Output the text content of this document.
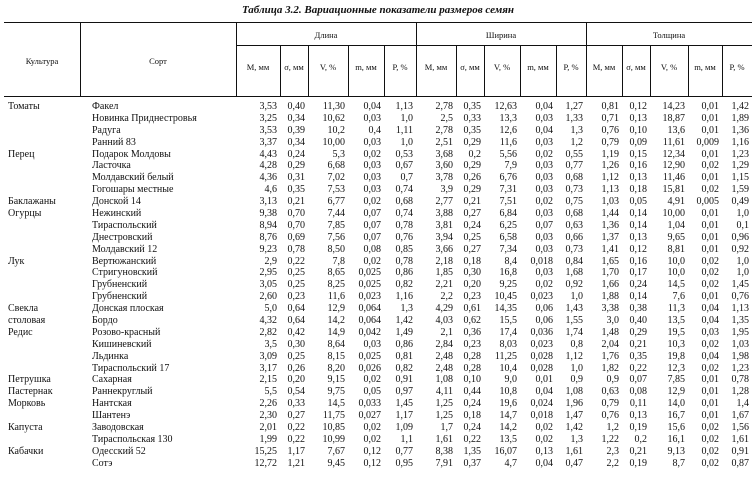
Таблица 3.2. Вариационные показатели размеров семян
Культура	Сорт
Длина	Ширина	Толщина
M, мм	σ, мм	V, %	m, мм	P, %	M, мм	σ, мм	V, %	m, мм	P, %	M, мм	σ, мм	V, %	m, мм	P, %
Томаты	Факел	3,53	0,40	11,30	0,04	1,13	2,78	0,35	12,63	0,04	1,27	0,81	0,12	14,23	0,01	1,42
Новинка Приднестровья	3,25	0,34	10,62	0,03	1,0	2,5	0,33	13,3	0,03	1,33	0,71	0,13	18,87	0,01	1,89
Радуга	3,53	0,39	10,2	0,4	1,11	2,78	0,35	12,6	0,04	1,3	0,76	0,10	13,6	0,01	1,36
Ранний 83	3,37	0,34	10,00	0,03	1,0	2,51	0,29	11,6	0,03	1,2	0,79	0,09	11,61	0,009	1,16
Перец	Подарок Молдовы	4,43	0,24	5,3	0,02	0,53	3,68	0,2	5,56	0,02	0,55	1,19	0,15	12,34	0,01	1,23
Ласточка	4,28	0,29	6,68	0,03	0,67	3,60	0,29	7,9	0,03	0,77	1,26	0,16	12,90	0,02	1,29
Молдавский белый	4,36	0,31	7,02	0,03	0,7	3,78	0,26	6,76	0,03	0,68	1,12	0,13	11,46	0,01	1,15
Гогошары местные	4,6	0,35	7,53	0,03	0,74	3,9	0,29	7,31	0,03	0,73	1,13	0,18	15,81	0,02	1,59
Баклажаны	Донской 14	3,13	0,21	6,77	0,02	0,68	2,77	0,21	7,51	0,02	0,75	1,03	0,05	4,91	0,005	0,49
Огурцы	Нежинский	9,38	0,70	7,44	0,07	0,74	3,88	0,27	6,84	0,03	0,68	1,44	0,14	10,00	0,01	1,0
Тираспольский	8,94	0,70	7,85	0,07	0,78	3,81	0,24	6,25	0,07	0,63	1,36	0,14	1,04	0,01	0,1
Днестровский	8,76	0,69	7,56	0,07	0,76	3,94	0,25	6,58	0,03	0,66	1,37	0,13	9,65	0,01	0,96
Молдавский 12	9,23	0,78	8,50	0,08	0,85	3,66	0,27	7,34	0,03	0,73	1,41	0,12	8,81	0,01	0,92
Лук	Вертюжанский	2,9	0,22	7,8	0,02	0,78	2,18	0,18	8,4	0,018	0,84	1,65	0,16	10,0	0,02	1,0
Стригуновский	2,95	0,25	8,65	0,025	0,86	1,85	0,30	16,8	0,03	1,68	1,70	0,17	10,0	0,02	1,0
Грубненский	3,05	0,25	8,25	0,025	0,82	2,21	0,20	9,25	0,02	0,92	1,66	0,24	14,5	0,02	1,45
Грубненский	2,60	0,23	11,6	0,023	1,16	2,2	0,23	10,45	0,023	1,0	1,88	0,14	7,6	0,01	0,76
Свекла	Донская плоская	5,0	0,64	12,9	0,064	1,3	4,29	0,61	14,35	0,06	1,43	3,38	0,38	11,3	0,04	1,13
столовая	Бордо	4,32	0,64	14,2	0,064	1,42	4,03	0,62	15,5	0,06	1,55	3,0	0,40	13,5	0,04	1,35
Редис	Розово-красный	2,82	0,42	14,9	0,042	1,49	2,1	0,36	17,4	0,036	1,74	1,48	0,29	19,5	0,03	1,95
Кишиневский	3,5	0,30	8,64	0,03	0,86	2,84	0,23	8,03	0,023	0,8	2,04	0,21	10,3	0,02	1,03
Льдинка	3,09	0,25	8,15	0,025	0,81	2,48	0,28	11,25	0,028	1,12	1,76	0,35	19,8	0,04	1,98
Тираспольский 17	3,17	0,26	8,20	0,026	0,82	2,48	0,28	10,4	0,028	1,0	1,82	0,22	12,3	0,02	1,23
Петрушка	Сахарная	2,15	0,20	9,15	0,02	0,91	1,08	0,10	9,0	0,01	0,9	0,9	0,07	7,85	0,01	0,78
Пастернак	Раннекруглый	5,5	0,54	9,75	0,05	0,97	4,11	0,44	10,8	0,04	1,08	0,63	0,08	12,9	0,01	1,28
Морковь	Нантская	2,26	0,33	14,5	0,033	1,45	1,25	0,24	19,6	0,024	1,96	0,79	0,11	14,0	0,01	1,4
Шантенэ	2,30	0,27	11,75	0,027	1,17	1,25	0,18	14,7	0,018	1,47	0,76	0,13	16,7	0,01	1,67
Капуста	Заводовская	2,01	0,22	10,85	0,02	1,09	1,7	0,24	14,2	0,02	1,42	1,2	0,19	15,6	0,02	1,56
Тираспольская 130	1,99	0,22	10,99	0,02	1,1	1,61	0,22	13,5	0,02	1,3	1,22	0,2	16,1	0,02	1,61
Кабачки	Одесский 52	15,25	1,17	7,67	0,12	0,77	8,38	1,35	16,07	0,13	1,61	2,3	0,21	9,13	0,02	0,91
Сотэ	12,72	1,21	9,45	0,12	0,95	7,91	0,37	4,7	0,04	0,47	2,2	0,19	8,7	0,02	0,87
